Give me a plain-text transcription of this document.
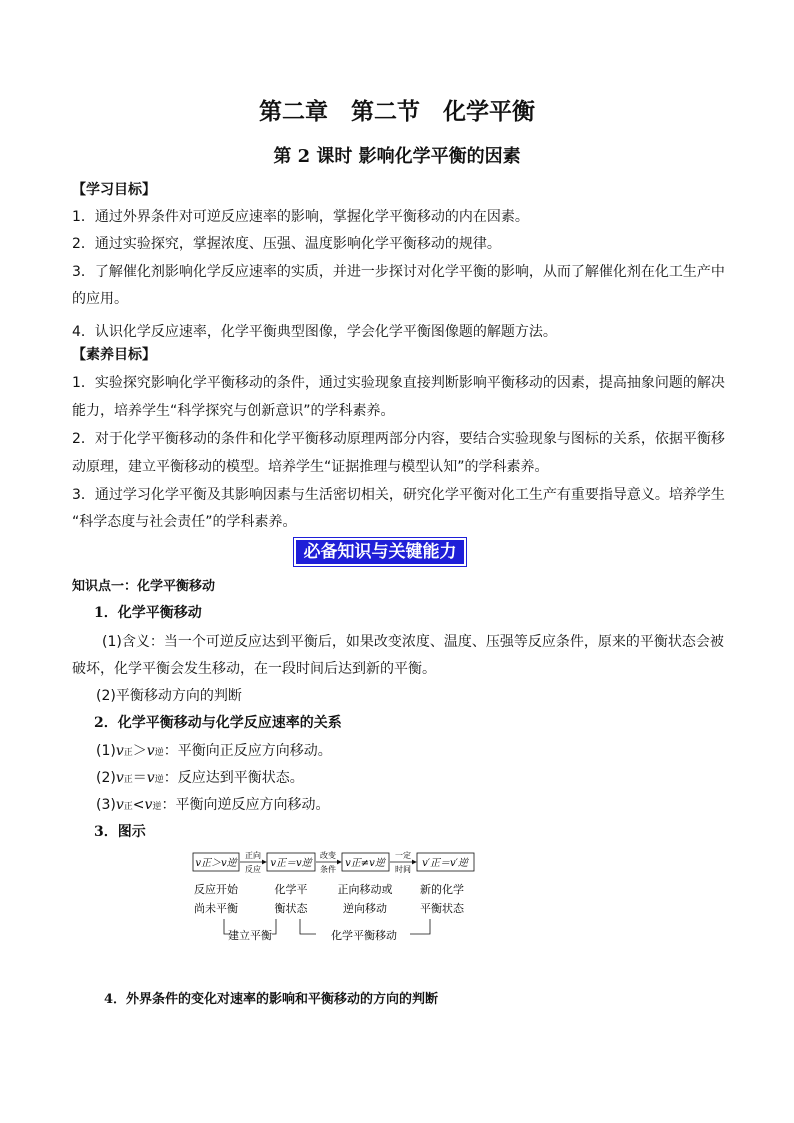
第二章　第二节　化学平衡
第 2 课时 影响化学平衡的因素
【学习目标】
1．通过外界条件对可逆反应速率的影响，掌握化学平衡移动的内在因素。
2．通过实验探究，掌握浓度、压强、温度影响化学平衡移动的规律。
3．了解催化剂影响化学反应速率的实质，并进一步探讨对化学平衡的影响，从而了解催化剂在化工生产中
的应用。
4．认识化学反应速率，化学平衡典型图像，学会化学平衡图像题的解题方法。
【素养目标】
1．实验探究影响化学平衡移动的条件，通过实验现象直接判断影响平衡移动的因素，提高抽象问题的解决
能力，培养学生“科学探究与创新意识”的学科素养。
2．对于化学平衡移动的条件和化学平衡移动原理两部分内容，要结合实验现象与图标的关系，依据平衡移
动原理，建立平衡移动的模型。培养学生“证据推理与模型认知”的学科素养。
3．通过学习化学平衡及其影响因素与生活密切相关，研究化学平衡对化工生产有重要指导意义。培养学生
“科学态度与社会责任”的学科素养。
必备知识与关键能力
知识点一：化学平衡移动
1．化学平衡移动
(1)含义：当一个可逆反应达到平衡后，如果改变浓度、温度、压强等反应条件，原来的平衡状态会被
破坏，化学平衡会发生移动，在一段时间后达到新的平衡。
(2)平衡移动方向的判断
2．化学平衡移动与化学反应速率的关系
(1)v正＞v逆：平衡向正反应方向移动。
(2)v正＝v逆：反应达到平衡状态。
(3)v正<v逆：平衡向逆反应方向移动。
3．图示
v正＞v逆	v正＝v逆	v正≠v逆	v′正＝v′逆
正向
反应
改变
条件
一定
时间
反应开始
尚未平衡
化学平
衡状态
正向移动或
逆向移动
新的化学
平衡状态
建立平衡	化学平衡移动
4．外界条件的变化对速率的影响和平衡移动的方向的判断
